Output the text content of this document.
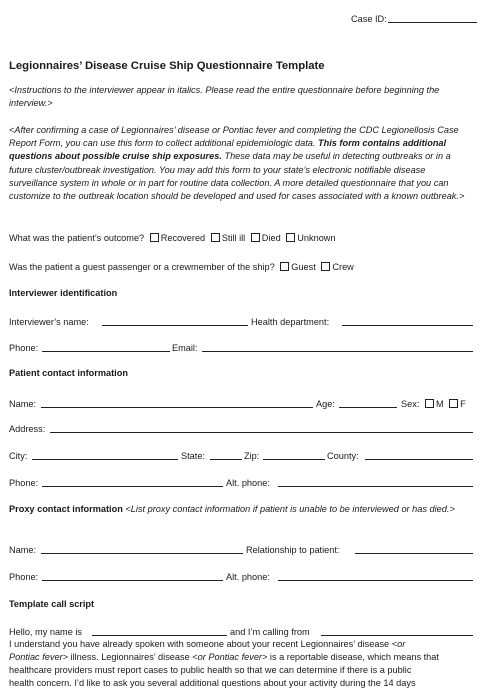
Case ID:
Legionnaires’ Disease Cruise Ship Questionnaire Template
<Instructions to the interviewer appear in italics. Please read the entire questionnaire before beginning the interview.>
<After confirming a case of Legionnaires’ disease or Pontiac fever and completing the CDC Legionellosis Case Report Form, you can use this form to collect additional epidemiologic data. This form contains additional questions about possible cruise ship exposures. These data may be useful in detecting outbreaks or in a future cluster/outbreak investigation. You may add this form to your state’s electronic notifiable disease surveillance system in whole or in part for routine data collection. A more detailed questionnaire that you can customize to the outbreak location should be developed and used for cases associated with a known outbreak.>
What was the patient’s outcome? Recovered Still ill Died Unknown
Was the patient a guest passenger or a crewmember of the ship? Guest Crew
Interviewer identification
Interviewer’s name:	Health department:
Phone:	Email:
Patient contact information
Name:	Age:	Sex: M F
Address:
City:	State:	Zip:	County:
Phone:	Alt. phone:
Proxy contact information <List proxy contact information if patient is unable to be interviewed or has died.>
Name:	Relationship to patient:
Phone:	Alt. phone:
Template call script
Hello, my name is	and I’m calling from
I understand you have already spoken with someone about your recent Legionnaires’ disease <or
Pontiac fever> illness. Legionnaires’ disease <or Pontiac fever> is a reportable disease, which means that
healthcare providers must report cases to public health so that we can determine if there is a public
health concern. I’d like to ask you several additional questions about your activity during the 14 days
